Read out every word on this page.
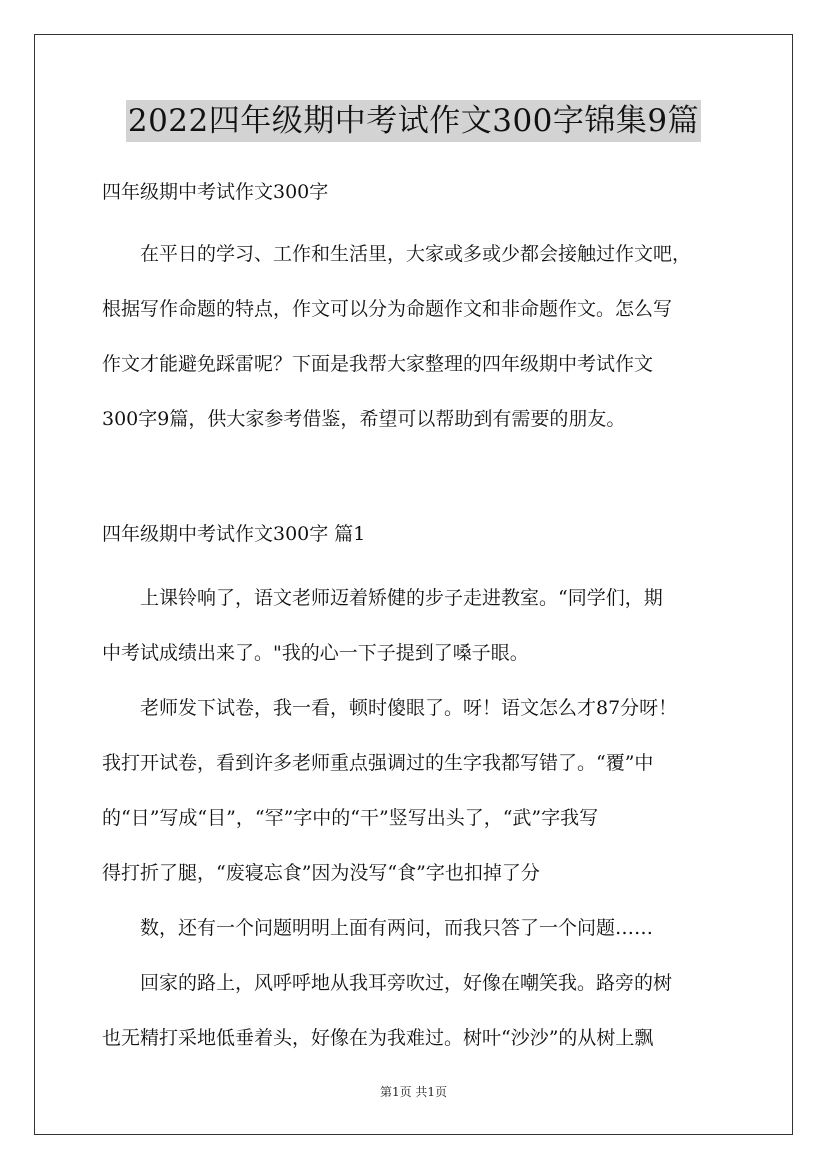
2022四年级期中考试作文300字锦集9篇

四年级期中考试作文300字

在平日的学习、工作和生活里，大家或多或少都会接触过作文吧，
根据写作命题的特点，作文可以分为命题作文和非命题作文。怎么写
作文才能避免踩雷呢？下面是我帮大家整理的四年级期中考试作文
300字9篇，供大家参考借鉴，希望可以帮助到有需要的朋友。

四年级期中考试作文300字 篇1

上课铃响了，语文老师迈着矫健的步子走进教室。“同学们，期
中考试成绩出来了。"我的心一下子提到了嗓子眼。
老师发下试卷，我一看，顿时傻眼了。呀！语文怎么才87分呀！
我打开试卷，看到许多老师重点强调过的生字我都写错了。“覆”中
的“日”写成“目”，“罕”字中的“干”竖写出头了，“武”字我写
得打折了腿，“废寝忘食”因为没写“食”字也扣掉了分
数，还有一个问题明明上面有两问，而我只答了一个问题……
回家的路上，风呼呼地从我耳旁吹过，好像在嘲笑我。路旁的树
也无精打采地低垂着头，好像在为我难过。树叶“沙沙”的从树上飘
第1页 共1页
